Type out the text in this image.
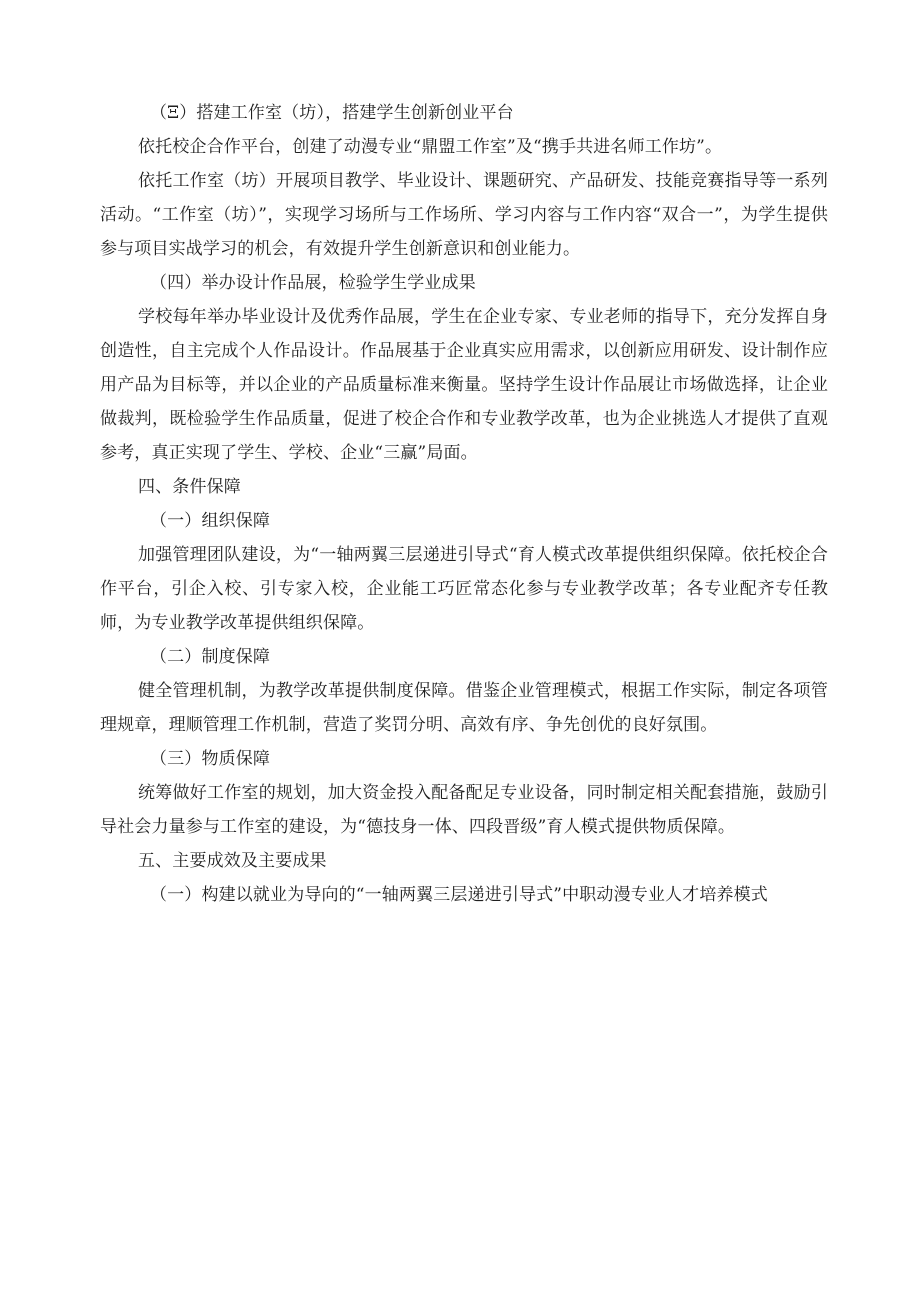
（Ξ）搭建工作室（坊），搭建学生创新创业平台

依托校企合作平台，创建了动漫专业“鼎盟工作室”及“携手共进名师工作坊”。

依托工作室（坊）开展项目教学、毕业设计、课题研究、产品研发、技能竞赛指导等一系列活动。“工作室（坊）”，实现学习场所与工作场所、学习内容与工作内容“双合一”，为学生提供参与项目实战学习的机会，有效提升学生创新意识和创业能力。

（四）举办设计作品展，检验学生学业成果

学校每年举办毕业设计及优秀作品展，学生在企业专家、专业老师的指导下，充分发挥自身创造性，自主完成个人作品设计。作品展基于企业真实应用需求，以创新应用研发、设计制作应用产品为目标等，并以企业的产品质量标准来衡量。坚持学生设计作品展让市场做选择，让企业做裁判，既检验学生作品质量，促进了校企合作和专业教学改革，也为企业挑选人才提供了直观参考，真正实现了学生、学校、企业“三赢”局面。

四、条件保障

（一）组织保障

加强管理团队建设，为“一轴两翼三层递进引导式“育人模式改革提供组织保障。依托校企合作平台，引企入校、引专家入校，企业能工巧匠常态化参与专业教学改革；各专业配齐专任教师，为专业教学改革提供组织保障。

（二）制度保障

健全管理机制，为教学改革提供制度保障。借鉴企业管理模式，根据工作实际，制定各项管理规章，理顺管理工作机制，营造了奖罚分明、高效有序、争先创优的良好氛围。

（三）物质保障

统筹做好工作室的规划，加大资金投入配备配足专业设备，同时制定相关配套措施，鼓励引导社会力量参与工作室的建设，为“德技身一体、四段晋级”育人模式提供物质保障。

五、主要成效及主要成果

（一）构建以就业为导向的“一轴两翼三层递进引导式”中职动漫专业人才培养模式
